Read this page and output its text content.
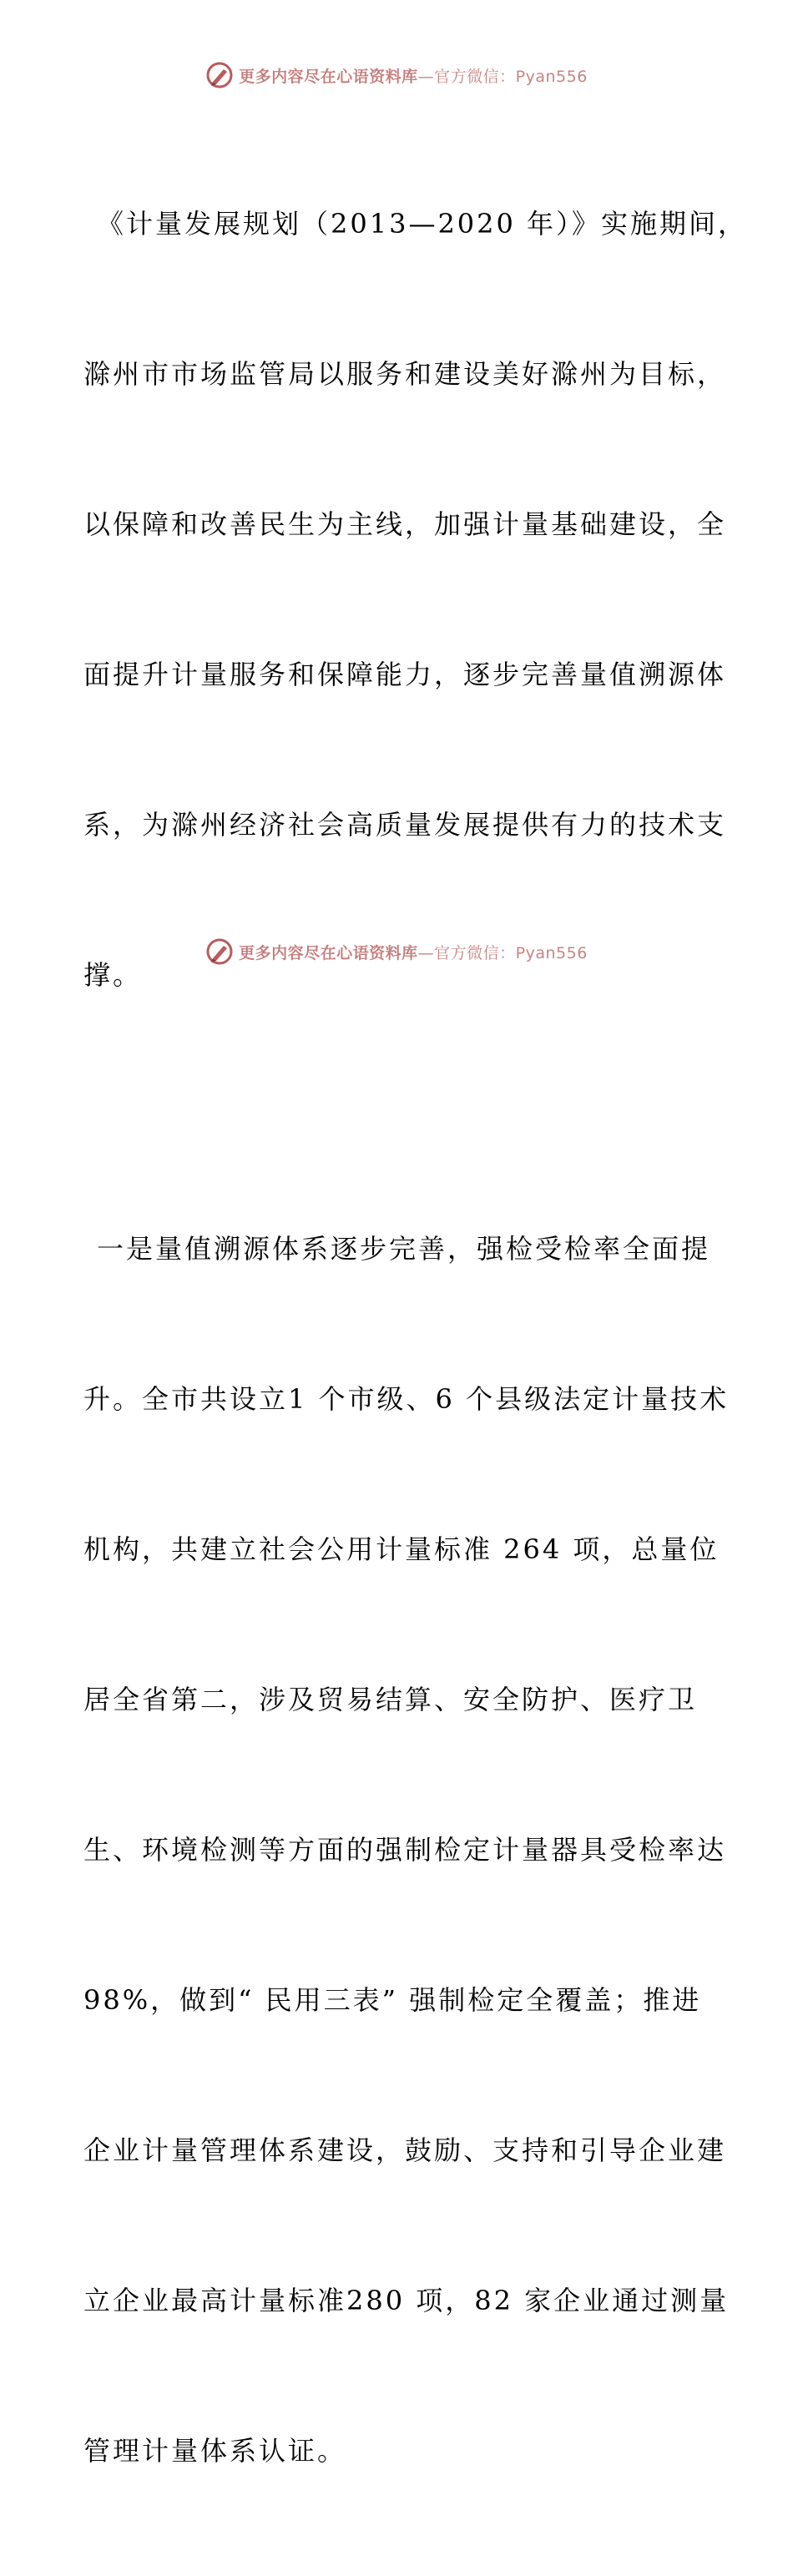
更多内容尽在心语资料库—官方微信：Pyan556

《计量发展规划（2013—2020 年）》实施期间，

滁州市市场监管局以服务和建设美好滁州为目标，

以保障和改善民生为主线，加强计量基础建设，全

面提升计量服务和保障能力，逐步完善量值溯源体

系，为滁州经济社会高质量发展提供有力的技术支

撑。

一是量值溯源体系逐步完善，强检受检率全面提

升。全市共设立1 个市级、6 个县级法定计量技术

机构，共建立社会公用计量标准 264 项，总量位

居全省第二，涉及贸易结算、安全防护、医疗卫

生、环境检测等方面的强制检定计量器具受检率达

98%，做到“ 民用三表” 强制检定全覆盖；推进

企业计量管理体系建设，鼓励、支持和引导企业建

立企业最高计量标准280 项，82 家企业通过测量

管理计量体系认证。

更多内容尽在心语资料库—官方微信：Pyan556
